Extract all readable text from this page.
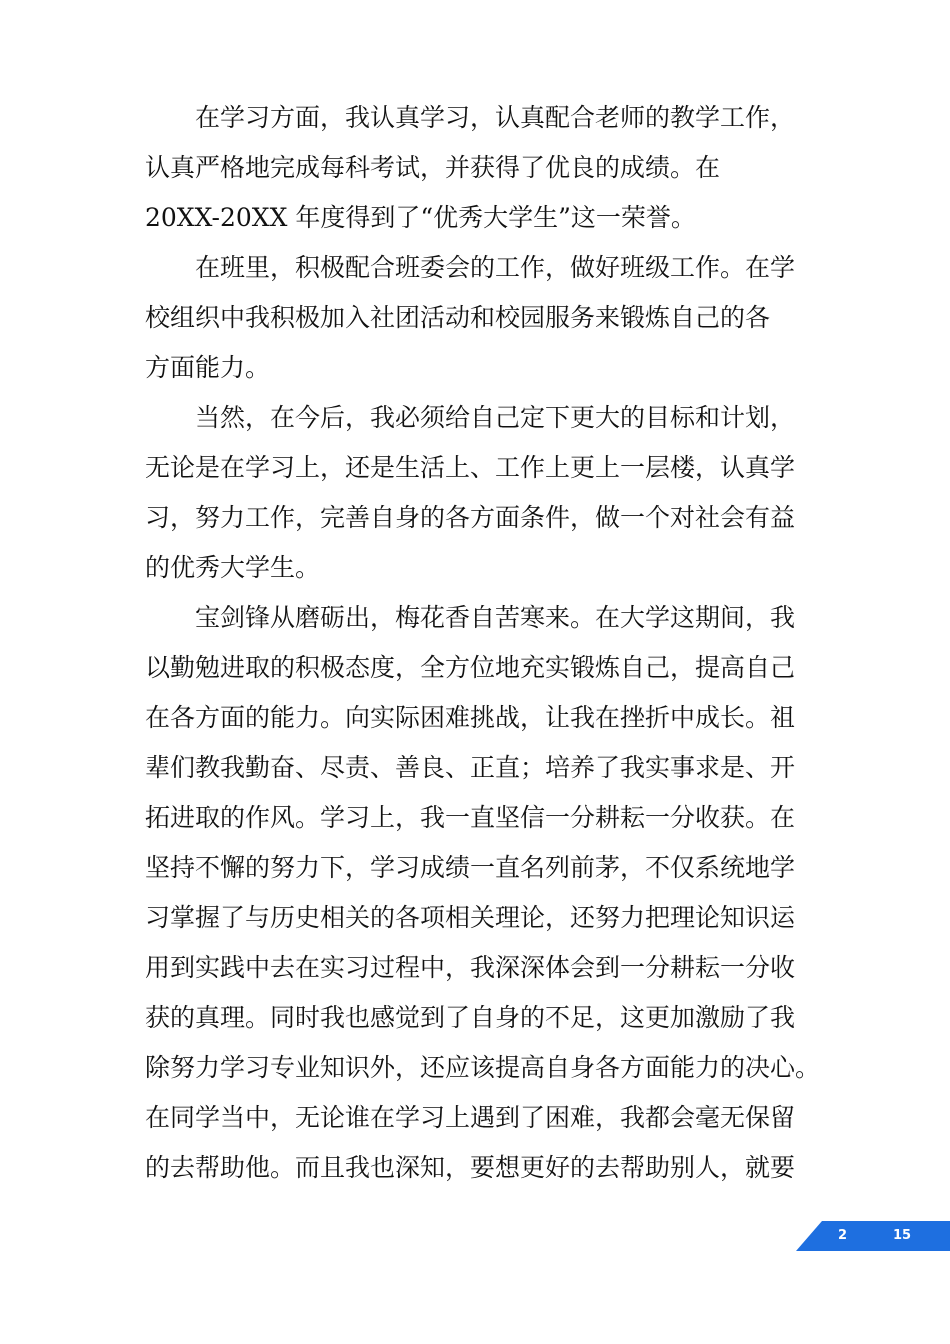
在学习方面，我认真学习，认真配合老师的教学工作，
认真严格地完成每科考试，并获得了优良的成绩。在
20XX-20XX 年度得到了“优秀大学生”这一荣誉。
在班里，积极配合班委会的工作，做好班级工作。在学
校组织中我积极加入社团活动和校园服务来锻炼自己的各
方面能力。
当然，在今后，我必须给自己定下更大的目标和计划，
无论是在学习上，还是生活上、工作上更上一层楼，认真学
习，努力工作，完善自身的各方面条件，做一个对社会有益
的优秀大学生。
宝剑锋从磨砺出，梅花香自苦寒来。在大学这期间，我
以勤勉进取的积极态度，全方位地充实锻炼自己，提高自己
在各方面的能力。向实际困难挑战，让我在挫折中成长。祖
辈们教我勤奋、尽责、善良、正直；培养了我实事求是、开
拓进取的作风。学习上，我一直坚信一分耕耘一分收获。在
坚持不懈的努力下，学习成绩一直名列前茅，不仅系统地学
习掌握了与历史相关的各项相关理论，还努力把理论知识运
用到实践中去在实习过程中，我深深体会到一分耕耘一分收
获的真理。同时我也感觉到了自身的不足，这更加激励了我
除努力学习专业知识外，还应该提高自身各方面能力的决心。
在同学当中，无论谁在学习上遇到了困难，我都会毫无保留
的去帮助他。而且我也深知，要想更好的去帮助别人，就要
2	15
